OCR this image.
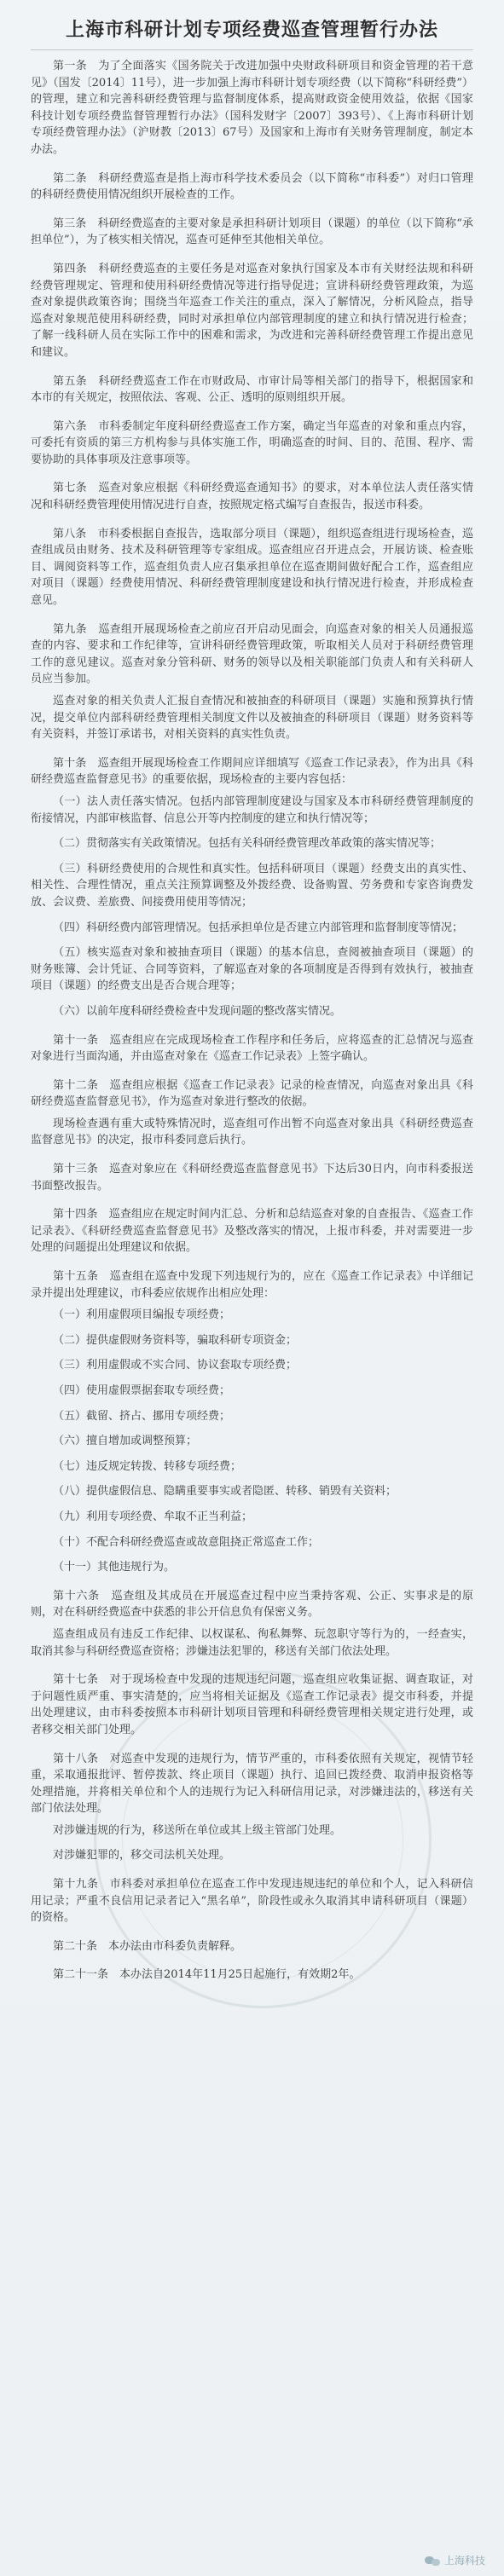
上海市科研计划专项经费巡查管理暂行办法

第一条　为了全面落实《国务院关于改进加强中央财政科研项目和资金管理的若干意见》（国发〔2014〕11号），进一步加强上海市科研计划专项经费（以下简称“科研经费”）的管理，建立和完善科研经费管理与监督制度体系，提高财政资金使用效益，依据《国家科技计划专项经费监督管理暂行办法》（国科发财字〔2007〕393号）、《上海市科研计划专项经费管理办法》（沪财教〔2013〕67号）及国家和上海市有关财务管理制度，制定本办法。

第二条　科研经费巡查是指上海市科学技术委员会（以下简称“市科委”）对归口管理的科研经费使用情况组织开展检查的工作。

第三条　科研经费巡查的主要对象是承担科研计划项目（课题）的单位（以下简称“承担单位”），为了核实相关情况，巡查可延伸至其他相关单位。

第四条　科研经费巡查的主要任务是对巡查对象执行国家及本市有关财经法规和科研经费管理规定、管理和使用科研经费情况等进行指导促进；宣讲科研经费管理政策，为巡查对象提供政策咨询；围绕当年巡查工作关注的重点，深入了解情况，分析风险点，指导巡查对象规范使用科研经费，同时对承担单位内部管理制度的建立和执行情况进行检查；了解一线科研人员在实际工作中的困难和需求，为改进和完善科研经费管理工作提出意见和建议。

第五条　科研经费巡查工作在市财政局、市审计局等相关部门的指导下，根据国家和本市的有关规定，按照依法、客观、公正、透明的原则组织开展。

第六条　市科委制定年度科研经费巡查工作方案，确定当年巡查的对象和重点内容，可委托有资质的第三方机构参与具体实施工作，明确巡查的时间、目的、范围、程序、需要协助的具体事项及注意事项等。

第七条　巡查对象应根据《科研经费巡查通知书》的要求，对本单位法人责任落实情况和科研经费管理使用情况进行自查，按照规定格式编写自查报告，报送市科委。

第八条　市科委根据自查报告，选取部分项目（课题），组织巡查组进行现场检查，巡查组成员由财务、技术及科研管理等专家组成。巡查组应召开进点会，开展访谈、检查账目、调阅资料等工作，巡查组负责人应召集承担单位在巡查期间做好配合工作，巡查组应对项目（课题）经费使用情况、科研经费管理制度建设和执行情况进行检查，并形成检查意见。

第九条　巡查组开展现场检查之前应召开启动见面会，向巡查对象的相关人员通报巡查的内容、要求和工作纪律等，宣讲科研经费管理政策，听取相关人员对于科研经费管理工作的意见建议。巡查对象分管科研、财务的领导以及相关职能部门负责人和有关科研人员应当参加。

巡查对象的相关负责人汇报自查情况和被抽查的科研项目（课题）实施和预算执行情况，提交单位内部科研经费管理相关制度文件以及被抽查的科研项目（课题）财务资料等有关资料，并签订承诺书，对相关资料的真实性负责。

第十条　巡查组开展现场检查工作期间应详细填写《巡查工作记录表》，作为出具《科研经费巡查监督意见书》的重要依据，现场检查的主要内容包括：

（一）法人责任落实情况。包括内部管理制度建设与国家及本市科研经费管理制度的衔接情况，内部审核监督、信息公开等内控制度的建立和执行情况等；

（二）贯彻落实有关政策情况。包括有关科研经费管理改革政策的落实情况等；

（三）科研经费使用的合规性和真实性。包括科研项目（课题）经费支出的真实性、相关性、合理性情况，重点关注预算调整及外拨经费、设备购置、劳务费和专家咨询费发放、会议费、差旅费、间接费用使用等情况；

（四）科研经费内部管理情况。包括承担单位是否建立内部管理和监督制度等情况；

（五）核实巡查对象和被抽查项目（课题）的基本信息，查阅被抽查项目（课题）的财务账簿、会计凭证、合同等资料，了解巡查对象的各项制度是否得到有效执行，被抽查项目（课题）的经费支出是否合规合理等；

（六）以前年度科研经费检查中发现问题的整改落实情况。

第十一条　巡查组应在完成现场检查工作程序和任务后，应将巡查的汇总情况与巡查对象进行当面沟通，并由巡查对象在《巡查工作记录表》上签字确认。

第十二条　巡查组应根据《巡查工作记录表》记录的检查情况，向巡查对象出具《科研经费巡查监督意见书》，作为巡查对象进行整改的依据。

现场检查遇有重大或特殊情况时，巡查组可作出暂不向巡查对象出具《科研经费巡查监督意见书》的决定，报市科委同意后执行。

第十三条　巡查对象应在《科研经费巡查监督意见书》下达后30日内，向市科委报送书面整改报告。

第十四条　巡查组应在规定时间内汇总、分析和总结巡查对象的自查报告、《巡查工作记录表》、《科研经费巡查监督意见书》及整改落实的情况，上报市科委，并对需要进一步处理的问题提出处理建议和依据。

第十五条　巡查组在巡查中发现下列违规行为的，应在《巡查工作记录表》中详细记录并提出处理建议，市科委应依规作出相应处理：

（一）利用虚假项目编报专项经费；

（二）提供虚假财务资料等，骗取科研专项资金；

（三）利用虚假或不实合同、协议套取专项经费；

（四）使用虚假票据套取专项经费；

（五）截留、挤占、挪用专项经费；

（六）擅自增加或调整预算；

（七）违反规定转拨、转移专项经费；

（八）提供虚假信息、隐瞒重要事实或者隐匿、转移、销毁有关资料；

（九）利用专项经费、牟取不正当利益；

（十）不配合科研经费巡查或故意阻挠正常巡查工作；

（十一）其他违规行为。

第十六条　巡查组及其成员在开展巡查过程中应当秉持客观、公正、实事求是的原则，对在科研经费巡查中获悉的非公开信息负有保密义务。

巡查组成员有违反工作纪律、以权谋私、徇私舞弊、玩忽职守等行为的，一经查实，取消其参与科研经费巡查资格；涉嫌违法犯罪的，移送有关部门依法处理。

第十七条　对于现场检查中发现的违规违纪问题，巡查组应收集证据、调查取证，对于问题性质严重、事实清楚的，应当将相关证据及《巡查工作记录表》提交市科委，并提出处理建议，由市科委按照本市科研计划项目管理和科研经费管理相关规定进行处理，或者移交相关部门处理。

第十八条　对巡查中发现的违规行为，情节严重的，市科委依照有关规定，视情节轻重，采取通报批评、暂停拨款、终止项目（课题）执行、追回已拨经费、取消申报资格等处理措施，并将相关单位和个人的违规行为记入科研信用记录，对涉嫌违法的，移送有关部门依法处理。

对涉嫌违规的行为，移送所在单位或其上级主管部门处理。

对涉嫌犯罪的，移交司法机关处理。

第十九条　市科委对承担单位在巡查工作中发现违规违纪的单位和个人，记入科研信用记录；严重不良信用记录者记入“黑名单”，阶段性或永久取消其申请科研项目（课题）的资格。

第二十条　本办法由市科委负责解释。

第二十一条　本办法自2014年11月25日起施行，有效期2年。

上海科技
